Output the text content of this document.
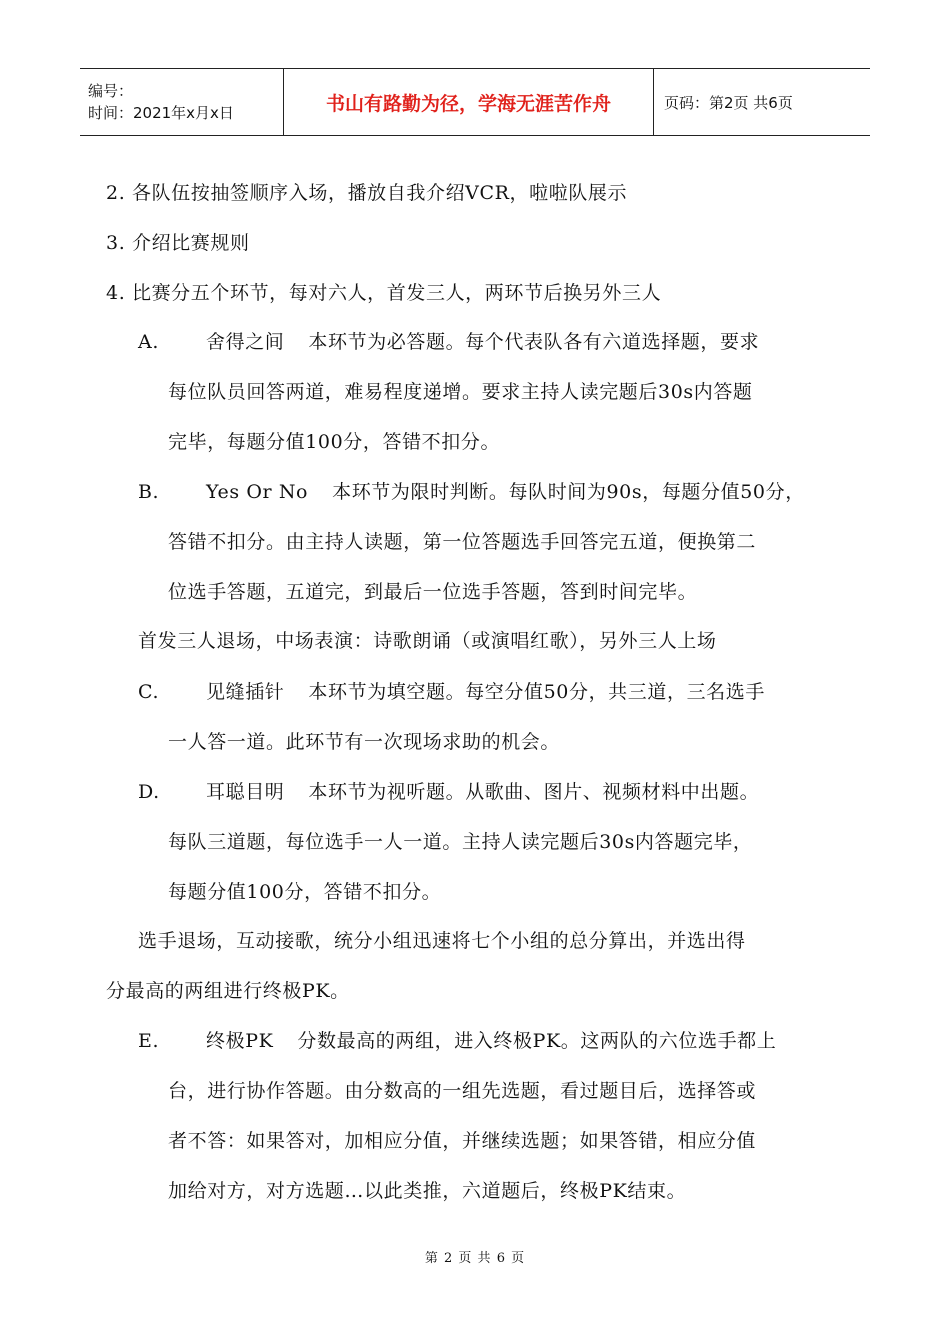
编号：
时间：2021年x月x日	书山有路勤为径，学海无涯苦作舟	页码：第2页 共6页
2. 各队伍按抽签顺序入场，播放自我介绍VCR，啦啦队展示
3. 介绍比赛规则
4. 比赛分五个环节，每对六人，首发三人，两环节后换另外三人
A. 舍得之间 本环节为必答题。每个代表队各有六道选择题，要求
每位队员回答两道，难易程度递增。要求主持人读完题后30s内答题
完毕，每题分值100分，答错不扣分。
B. Yes Or No 本环节为限时判断。每队时间为90s，每题分值50分，
答错不扣分。由主持人读题，第一位答题选手回答完五道，便换第二
位选手答题，五道完，到最后一位选手答题，答到时间完毕。
首发三人退场，中场表演：诗歌朗诵（或演唱红歌），另外三人上场
C. 见缝插针 本环节为填空题。每空分值50分，共三道，三名选手
一人答一道。此环节有一次现场求助的机会。
D. 耳聪目明 本环节为视听题。从歌曲、图片、视频材料中出题。
每队三道题，每位选手一人一道。主持人读完题后30s内答题完毕，
每题分值100分，答错不扣分。
选手退场，互动接歌，统分小组迅速将七个小组的总分算出，并选出得
分最高的两组进行终极PK。
E. 终极PK 分数最高的两组，进入终极PK。这两队的六位选手都上
台，进行协作答题。由分数高的一组先选题，看过题目后，选择答或
者不答：如果答对，加相应分值，并继续选题；如果答错，相应分值
加给对方，对方选题…以此类推，六道题后，终极PK结束。
第 2 页 共 6 页
